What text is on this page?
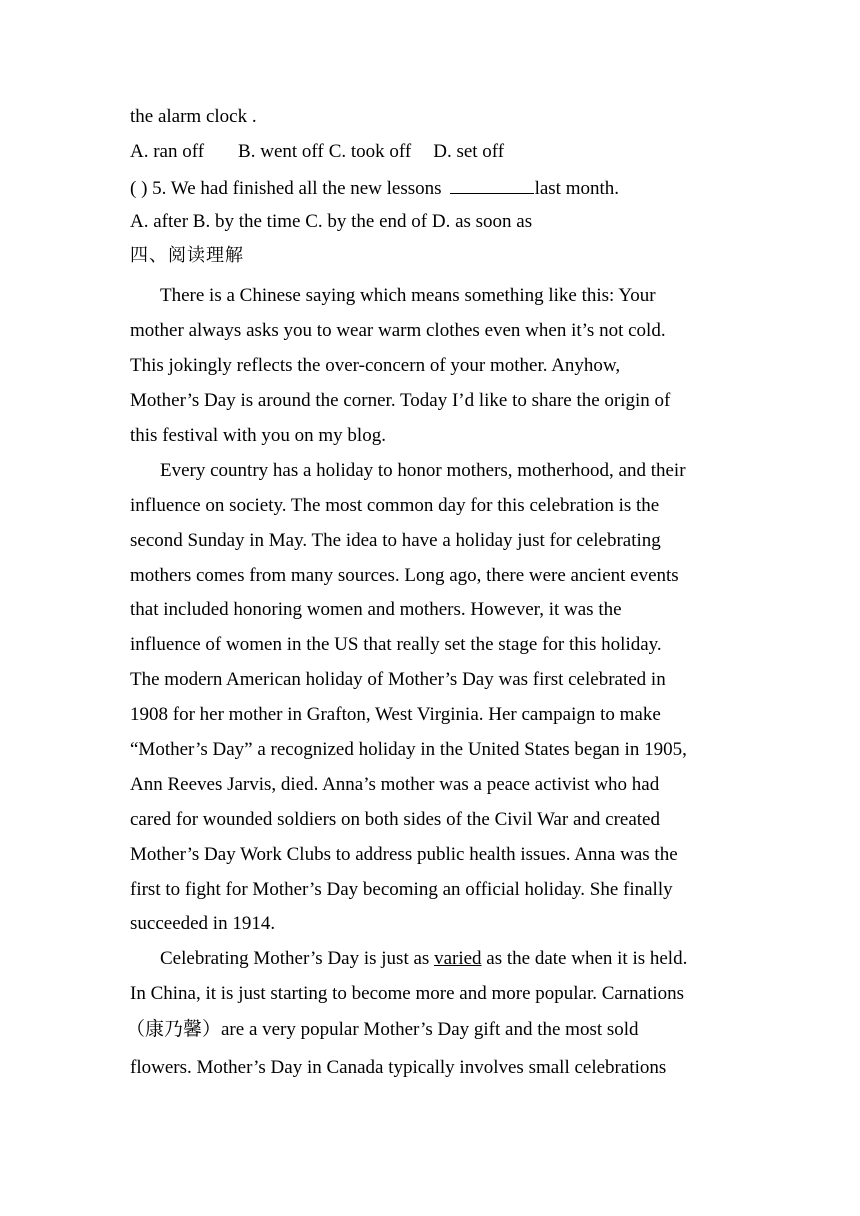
the alarm clock .
A. ran off B. went off C. took off D. set off
( ) 5. We had finished all the new lessons	last month.
A. after B. by the time C. by the end of D. as soon as
四、阅读理解
There is a Chinese saying which means something like this: Your
mother always asks you to wear warm clothes even when it’s not cold.
This jokingly reflects the over-concern of your mother. Anyhow,
Mother’s Day is around the corner. Today I’d like to share the origin of
this festival with you on my blog.
Every country has a holiday to honor mothers, motherhood, and their
influence on society. The most common day for this celebration is the
second Sunday in May. The idea to have a holiday just for celebrating
mothers comes from many sources. Long ago, there were ancient events
that included honoring women and mothers. However, it was the
influence of women in the US that really set the stage for this holiday.
The modern American holiday of Mother’s Day was first celebrated in
1908 for her mother in Grafton, West Virginia. Her campaign to make
“Mother’s Day” a recognized holiday in the United States began in 1905,
Ann Reeves Jarvis, died. Anna’s mother was a peace activist who had
cared for wounded soldiers on both sides of the Civil War and created
Mother’s Day Work Clubs to address public health issues. Anna was the
first to fight for Mother’s Day becoming an official holiday. She finally
succeeded in 1914.
Celebrating Mother’s Day is just as varied as the date when it is held.
In China, it is just starting to become more and more popular. Carnations
（康乃馨）are a very popular Mother’s Day gift and the most sold
flowers. Mother’s Day in Canada typically involves small celebrations
